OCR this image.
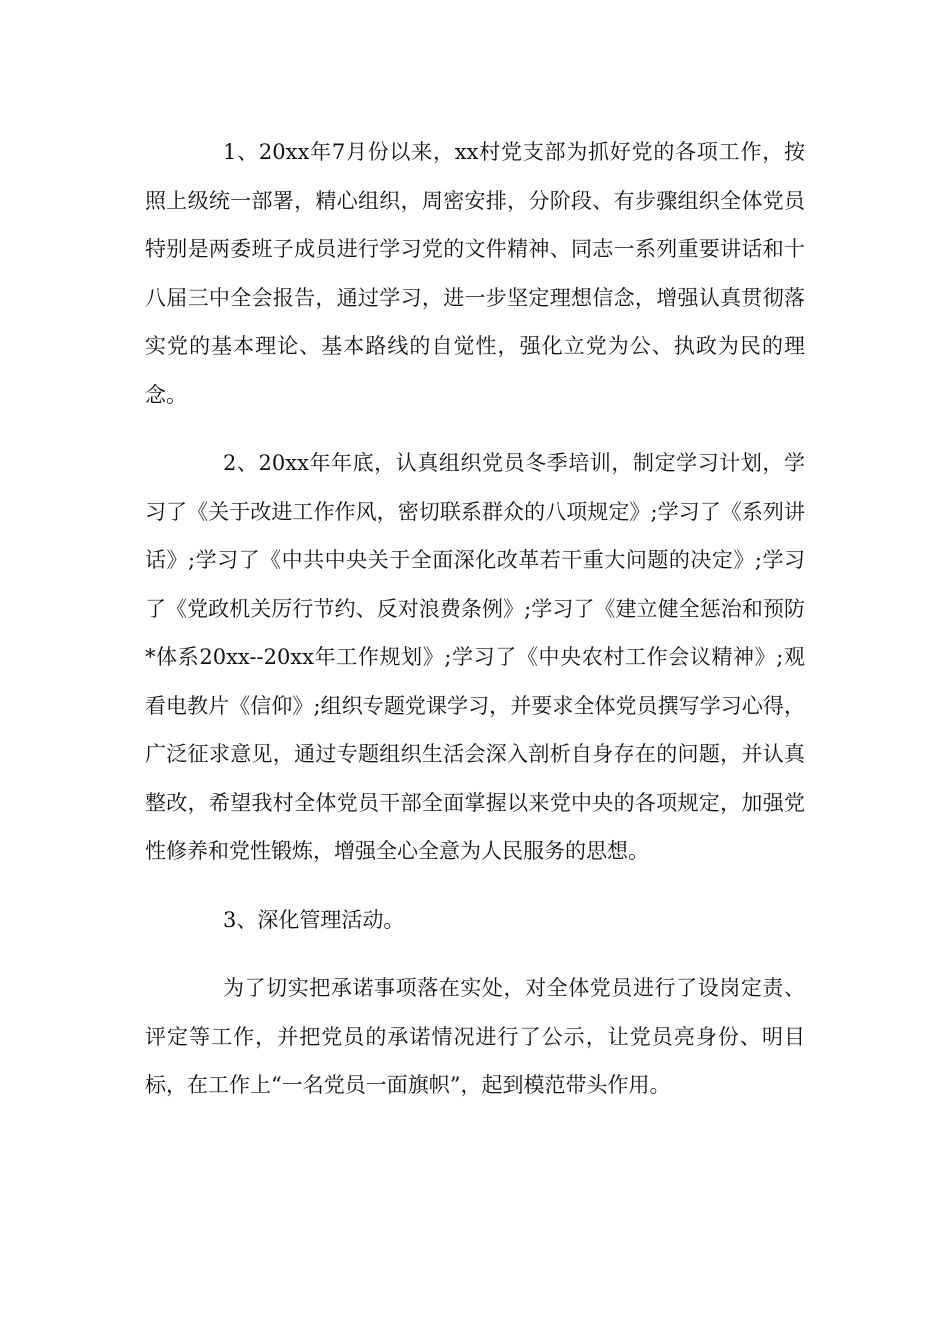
1、20xx年7月份以来，xx村党支部为抓好党的各项工作，按照上级统一部署，精心组织，周密安排，分阶段、有步骤组织全体党员特别是两委班子成员进行学习党的文件精神、同志一系列重要讲话和十八届三中全会报告，通过学习，进一步坚定理想信念，增强认真贯彻落实党的基本理论、基本路线的自觉性，强化立党为公、执政为民的理念。

2、20xx年年底，认真组织党员冬季培训，制定学习计划，学习了《关于改进工作作风，密切联系群众的八项规定》;学习了《系列讲话》;学习了《中共中央关于全面深化改革若干重大问题的决定》;学习了《党政机关厉行节约、反对浪费条例》;学习了《建立健全惩治和预防*体系20xx--20xx年工作规划》;学习了《中央农村工作会议精神》;观看电教片《信仰》;组织专题党课学习，并要求全体党员撰写学习心得，广泛征求意见，通过专题组织生活会深入剖析自身存在的问题，并认真整改，希望我村全体党员干部全面掌握以来党中央的各项规定，加强党性修养和党性锻炼，增强全心全意为人民服务的思想。

3、深化管理活动。

为了切实把承诺事项落在实处，对全体党员进行了设岗定责、评定等工作，并把党员的承诺情况进行了公示，让党员亮身份、明目标，在工作上“一名党员一面旗帜”，起到模范带头作用。
